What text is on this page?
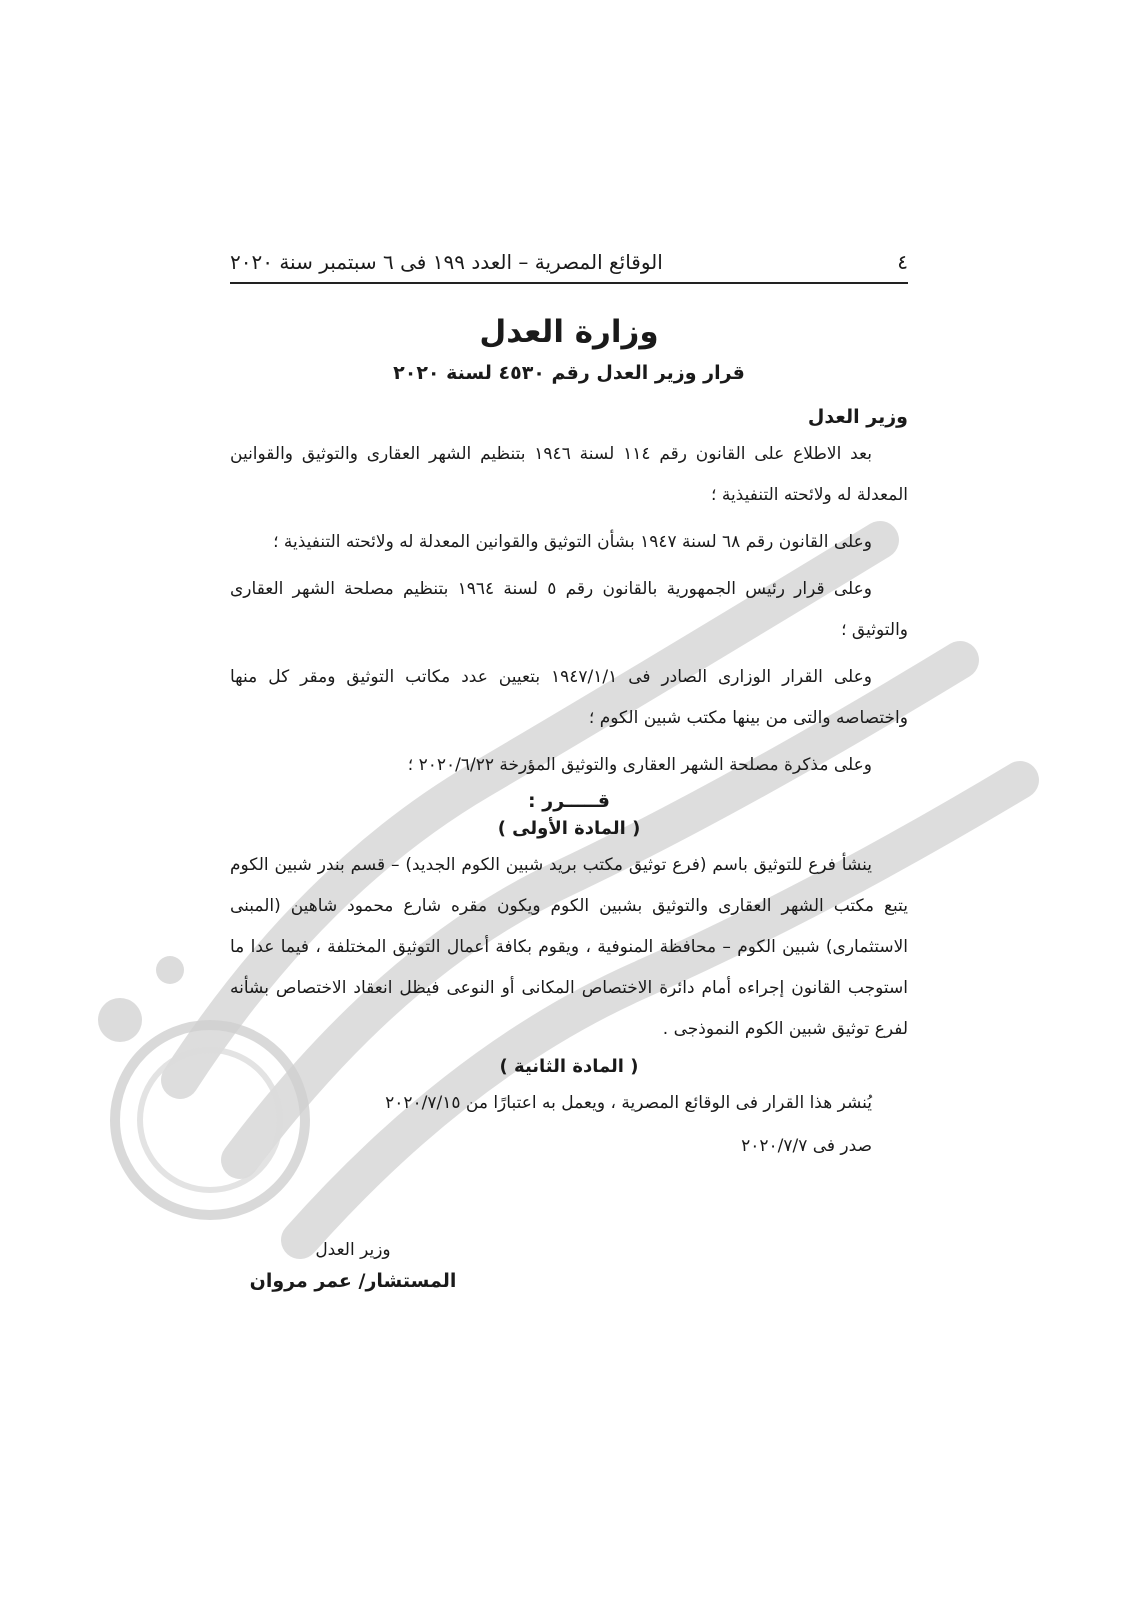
٤
الوقائع المصرية – العدد ١٩٩ فى ٦ سبتمبر سنة ٢٠٢٠
وزارة العدل
قرار وزير العدل رقم ٤٥٣٠ لسنة ٢٠٢٠
وزير العدل

بعد الاطلاع على القانون رقم ١١٤ لسنة ١٩٤٦ بتنظيم الشهر العقارى والتوثيق والقوانين المعدلة له ولائحته التنفيذية ؛

وعلى القانون رقم ٦٨ لسنة ١٩٤٧ بشأن التوثيق والقوانين المعدلة له ولائحته التنفيذية ؛

وعلى قرار رئيس الجمهورية بالقانون رقم ٥ لسنة ١٩٦٤ بتنظيم مصلحة الشهر العقارى والتوثيق ؛

وعلى القرار الوزارى الصادر فى ١٩٤٧/١/١ بتعيين عدد مكاتب التوثيق ومقر كل منها واختصاصه والتى من بينها مكتب شبين الكوم ؛

وعلى مذكرة مصلحة الشهر العقارى والتوثيق المؤرخة ٢٠٢٠/٦/٢٢ ؛

قـــــرر :
( المادة الأولى )

ينشأ فرع للتوثيق باسم (فرع توثيق مكتب بريد شبين الكوم الجديد) – قسم بندر شبين الكوم يتبع مكتب الشهر العقارى والتوثيق بشبين الكوم ويكون مقره شارع محمود شاهين (المبنى الاستثمارى) شبين الكوم – محافظة المنوفية ، ويقوم بكافة أعمال التوثيق المختلفة ، فيما عدا ما استوجب القانون إجراءه أمام دائرة الاختصاص المكانى أو النوعى فيظل انعقاد الاختصاص بشأنه لفرع توثيق شبين الكوم النموذجى .

( المادة الثانية )

يُنشر هذا القرار فى الوقائع المصرية ، ويعمل به اعتبارًا من ٢٠٢٠/٧/١٥

صدر فى ٢٠٢٠/٧/٧
وزير العدل
المستشار/ عمر مروان
